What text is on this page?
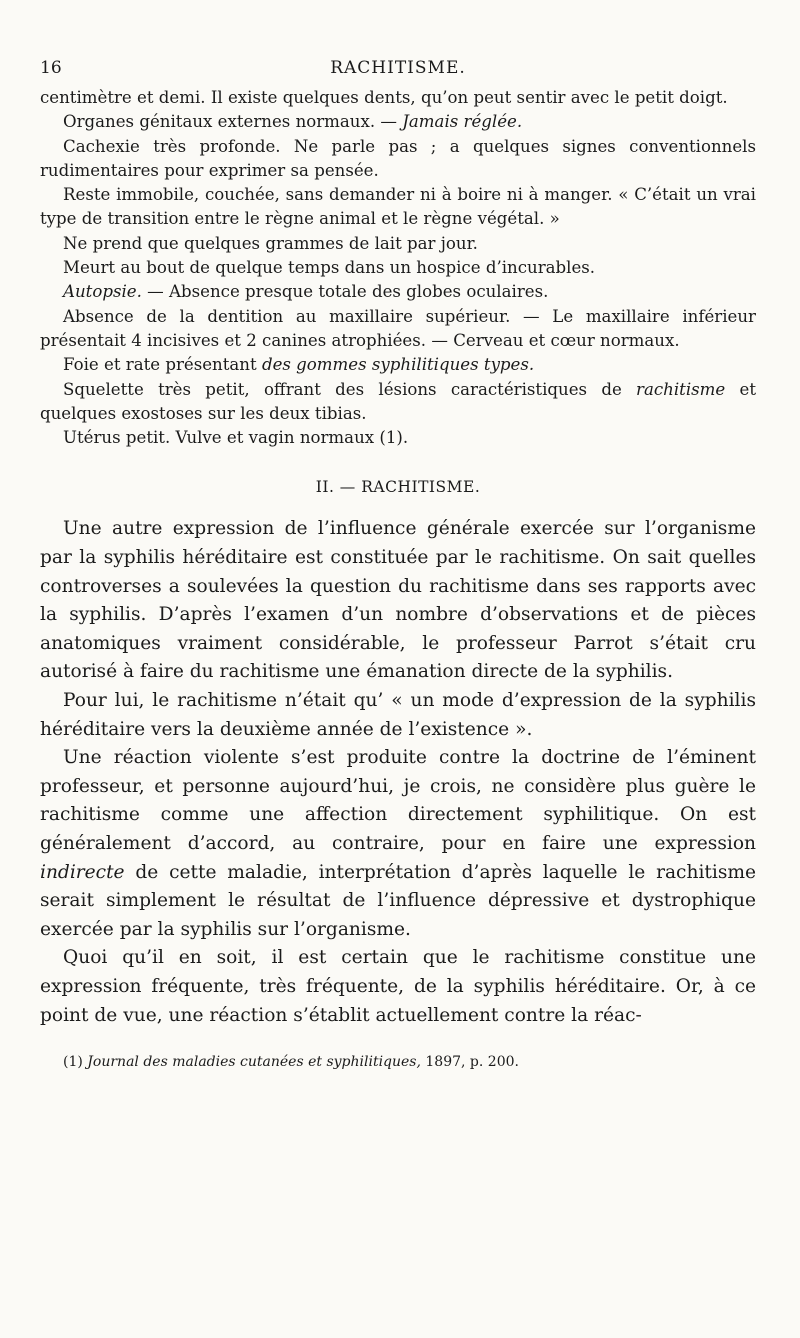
16	RACHITISME.

centimètre et demi. Il existe quelques dents, qu’on peut sentir avec le petit doigt.

Organes génitaux externes normaux. — Jamais réglée.

Cachexie très profonde. Ne parle pas ; a quelques signes conventionnels rudimentaires pour exprimer sa pensée.

Reste immobile, couchée, sans demander ni à boire ni à manger. « C’était un vrai type de transition entre le règne animal et le règne végétal. »

Ne prend que quelques grammes de lait par jour.

Meurt au bout de quelque temps dans un hospice d’incurables.

Autopsie. — Absence presque totale des globes oculaires.

Absence de la dentition au maxillaire supérieur. — Le maxillaire inférieur présentait 4 incisives et 2 canines atrophiées. — Cerveau et cœur normaux.

Foie et rate présentant des gommes syphilitiques types.

Squelette très petit, offrant des lésions caractéristiques de rachitisme et quelques exostoses sur les deux tibias.

Utérus petit. Vulve et vagin normaux (1).

II. — RACHITISME.

Une autre expression de l’influence générale exercée sur l’organisme par la syphilis héréditaire est constituée par le rachitisme. On sait quelles controverses a soulevées la question du rachitisme dans ses rapports avec la syphilis. D’après l’examen d’un nombre d’observations et de pièces anatomiques vraiment considérable, le professeur Parrot s’était cru autorisé à faire du rachitisme une émanation directe de la syphilis.

Pour lui, le rachitisme n’était qu’ « un mode d’expression de la syphilis héréditaire vers la deuxième année de l’existence ».

Une réaction violente s’est produite contre la doctrine de l’éminent professeur, et personne aujourd’hui, je crois, ne considère plus guère le rachitisme comme une affection directement syphilitique. On est généralement d’accord, au contraire, pour en faire une expression indirecte de cette maladie, interprétation d’après laquelle le rachitisme serait simplement le résultat de l’influence dépressive et dystrophique exercée par la syphilis sur l’organisme.

Quoi qu’il en soit, il est certain que le rachitisme constitue une expression fréquente, très fréquente, de la syphilis héréditaire. Or, à ce point de vue, une réaction s’établit actuellement contre la réac-

(1) Journal des maladies cutanées et syphilitiques, 1897, p. 200.
